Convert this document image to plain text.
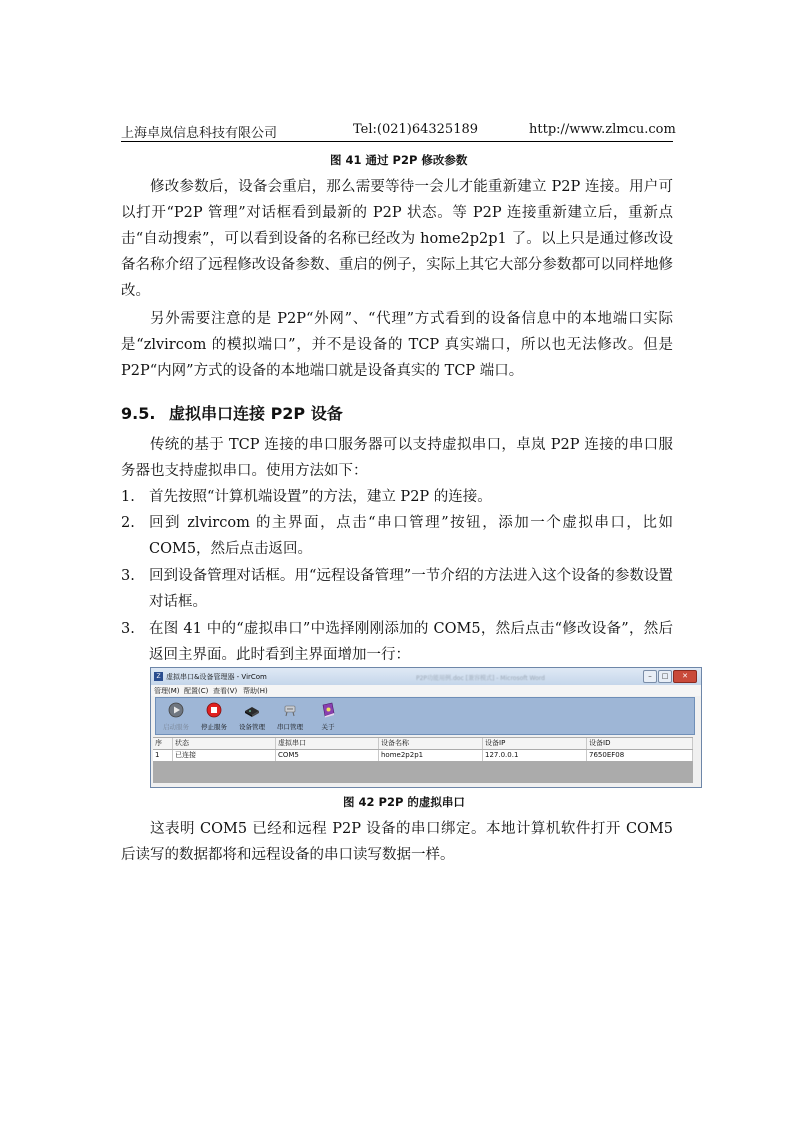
上海卓岚信息科技有限公司	Tel:(021)64325189	http://www.zlmcu.com
图 41 通过 P2P 修改参数

修改参数后，设备会重启，那么需要等待一会儿才能重新建立 P2P 连接。用户可以打开“P2P 管理”对话框看到最新的 P2P 状态。等 P2P 连接重新建立后，重新点击“自动搜索”，可以看到设备的名称已经改为 home2p2p1 了。以上只是通过修改设备名称介绍了远程修改设备参数、重启的例子，实际上其它大部分参数都可以同样地修改。

另外需要注意的是 P2P“外网”、“代理”方式看到的设备信息中的本地端口实际是“zlvircom 的模拟端口”，并不是设备的 TCP 真实端口，所以也无法修改。但是 P2P“内网”方式的设备的本地端口就是设备真实的 TCP 端口。

9.5. 虚拟串口连接 P2P 设备

传统的基于 TCP 连接的串口服务器可以支持虚拟串口，卓岚 P2P 连接的串口服务器也支持虚拟串口。使用方法如下：

1. 首先按照“计算机端设置”的方法，建立 P2P 的连接。
2. 回到 zlvircom 的主界面，点击“串口管理”按钮，添加一个虚拟串口，比如 COM5，然后点击返回。
3. 回到设备管理对话框。用“远程设备管理”一节介绍的方法进入这个设备的参数设置对话框。
3. 在图 41 中的“虚拟串口”中选择刚刚添加的 COM5，然后点击“修改设备”，然后返回主界面。此时看到主界面增加一行：
Z 虚拟串口&设备管理器 - VirCom	P2P功能用例.doc [兼容模式] - Microsoft Word	–	□	✕
管理(M) 配置(C) 查看(V) 帮助(H)
启动服务	停止服务	设备管理	串口管理	关于
序	状态	虚拟串口	设备名称	设备IP	设备ID
1	已连接	COM5	home2p2p1	127.0.0.1	7650EF08
图 42 P2P 的虚拟串口

这表明 COM5 已经和远程 P2P 设备的串口绑定。本地计算机软件打开 COM5 后读写的数据都将和远程设备的串口读写数据一样。
